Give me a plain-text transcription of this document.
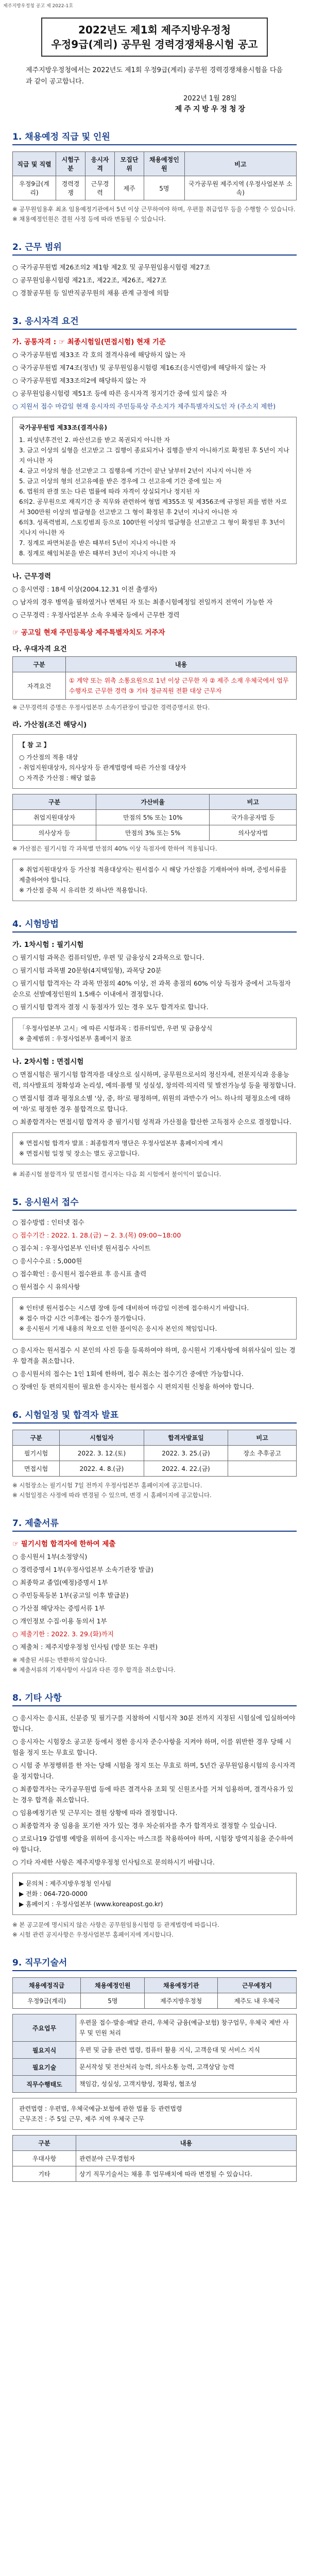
제주지방우정청 공고 제 2022-1호
2022년도 제1회 제주지방우정청
우정9급(계리) 공무원 경력경쟁채용시험 공고
제주지방우정청에서는 2022년도 제1회 우정9급(계리) 공무원 경력경쟁채용시험을 다음과 같이 공고합니다.
2022년 1월 28일
제주지방우정청장
1. 채용예정 직급 및 인원
직급 및 직렬	시험구분	응시자격	모집단위	채용예정인원	비고
우정9급(계리)	경력경쟁	근무경력	제주	5명	국가공무원 제주지역 (우정사업본부 소속)
※ 공무원임용후 최초 임용예정기관에서 5년 이상 근무하여야 하며, 우편물 취급업무 등을 수행할 수 있습니다.
※ 채용예정인원은 결원 사정 등에 따라 변동될 수 있습니다.
2. 근무 범위
○ 국가공무원법 제26조의2 제1항 제2호 및 공무원임용시험령 제27조
○ 공무원임용시험령 제21조, 제22조, 제26조, 제27조
○ 경찰공무원 등 일반직공무원의 채용 관계 규정에 의함
3. 응시자격 요건
가. 공통자격 : ☞ 최종시험일(면접시험) 현재 기준
○ 국가공무원법 제33조 각 호의 결격사유에 해당하지 않는 자
○ 국가공무원법 제74조(정년) 및 공무원임용시험령 제16조(응시연령)에 해당하지 않는 자
○ 국가공무원법 제33조의2에 해당하지 않는 자
○ 공무원임용시험령 제51조 등에 따른 응시자격 정지기간 중에 있지 않은 자
○ 지원서 접수 마감일 현재 응시자의 주민등록상 주소지가 제주특별자치도인 자 (주소지 제한)
국가공무원법 제33조(결격사유)
1. 피성년후견인 2. 파산선고를 받고 복권되지 아니한 자
3. 금고 이상의 실형을 선고받고 그 집행이 종료되거나 집행을 받지 아니하기로 확정된 후 5년이 지나지 아니한 자
4. 금고 이상의 형을 선고받고 그 집행유예 기간이 끝난 날부터 2년이 지나지 아니한 자
5. 금고 이상의 형의 선고유예를 받은 경우에 그 선고유예 기간 중에 있는 자
6. 법원의 판결 또는 다른 법률에 따라 자격이 상실되거나 정지된 자
6의2. 공무원으로 재직기간 중 직무와 관련하여 형법 제355조 및 제356조에 규정된 죄를 범한 자로서 300만원 이상의 벌금형을 선고받고 그 형이 확정된 후 2년이 지나지 아니한 자
6의3. 성폭력범죄, 스토킹범죄 등으로 100만원 이상의 벌금형을 선고받고 그 형이 확정된 후 3년이 지나지 아니한 자
7. 징계로 파면처분을 받은 때부터 5년이 지나지 아니한 자
8. 징계로 해임처분을 받은 때부터 3년이 지나지 아니한 자
나. 근무경력
○ 응시연령 : 18세 이상(2004.12.31 이전 출생자)
○ 남자의 경우 병역을 필하였거나 면제된 자 또는 최종시험예정일 전일까지 전역이 가능한 자
○ 근무경력 : 우정사업본부 소속 우체국 등에서 근무한 경력
☞ 공고일 현재 주민등록상 제주특별자치도 거주자
다. 우대자격 요건
구분	내용
자격요건	① 계약 또는 위촉 소통요원으로 1년 이상 근무한 자 ② 제주 소재 우체국에서 업무수행자로 근무한 경력 ③ 기타 정규직원 전환 대상 근무자
※ 근무경력의 증명은 우정사업본부 소속기관장이 발급한 경력증명서로 한다.
라. 가산점(조건 해당시)
【 참 고 】
○ 가산점의 적용 대상
- 취업지원대상자, 의사상자 등 관계법령에 따른 가산점 대상자
○ 자격증 가산점 : 해당 없음
구분	가산비율	비고
취업지원대상자	만점의 5% 또는 10%	국가유공자법 등
의사상자 등	만점의 3% 또는 5%	의사상자법
※ 가산점은 필기시험 각 과목별 만점의 40% 이상 득점자에 한하여 적용됩니다.
※ 취업지원대상자 등 가산점 적용대상자는 원서접수 시 해당 가산점을 기재하여야 하며, 증빙서류를 제출하여야 합니다.
※ 가산점 중복 시 유리한 것 하나만 적용합니다.
4. 시험방법
가. 1차시험 : 필기시험
○ 필기시험 과목은 컴퓨터일반, 우편 및 금융상식 2과목으로 합니다.
○ 필기시험 과목별 20문항(4지택일형), 과목당 20분
○ 필기시험 합격자는 각 과목 만점의 40% 이상, 전 과목 총점의 60% 이상 득점자 중에서 고득점자 순으로 선발예정인원의 1.5배수 이내에서 결정합니다.
○ 필기시험 합격자 결정 시 동점자가 있는 경우 모두 합격자로 합니다.
「우정사업본부 고시」에 따른 시험과목 : 컴퓨터일반, 우편 및 금융상식
※ 출제범위 : 우정사업본부 홈페이지 참조
나. 2차시험 : 면접시험
○ 면접시험은 필기시험 합격자를 대상으로 실시하며, 공무원으로서의 정신자세, 전문지식과 응용능력, 의사발표의 정확성과 논리성, 예의·품행 및 성실성, 창의력·의지력 및 발전가능성 등을 평정합니다.
○ 면접시험 결과 평정요소별 '상, 중, 하'로 평정하며, 위원의 과반수가 어느 하나의 평정요소에 대하여 '하'로 평정한 경우 불합격으로 합니다.
○ 최종합격자는 면접시험 합격자 중 필기시험 성적과 가산점을 합산한 고득점자 순으로 결정합니다.
※ 면접시험 합격자 발표 : 최종합격자 명단은 우정사업본부 홈페이지에 게시
※ 면접시험 일정 및 장소는 별도 공고합니다.
※ 최종시험 불합격자 및 면접시험 결시자는 다음 회 시험에서 불이익이 없습니다.
5. 응시원서 접수
○ 접수방법 : 인터넷 접수
○ 접수기간 : 2022. 1. 28.(금) ~ 2. 3.(목) 09:00~18:00
○ 접수처 : 우정사업본부 인터넷 원서접수 사이트
○ 응시수수료 : 5,000원
○ 접수확인 : 응시원서 접수완료 후 응시표 출력
○ 원서접수 시 유의사항
※ 인터넷 원서접수는 시스템 장애 등에 대비하여 마감일 이전에 접수하시기 바랍니다.
※ 접수 마감 시간 이후에는 접수가 불가합니다.
※ 응시원서 기재 내용의 착오로 인한 불이익은 응시자 본인의 책임입니다.
○ 응시자는 원서접수 시 본인의 사진 등을 등록하여야 하며, 응시원서 기재사항에 허위사실이 있는 경우 합격을 취소합니다.
○ 응시원서의 접수는 1인 1회에 한하며, 접수 취소는 접수기간 중에만 가능합니다.
○ 장애인 등 편의지원이 필요한 응시자는 원서접수 시 편의지원 신청을 하여야 합니다.
6. 시험일정 및 합격자 발표
구분	시험일자	합격자발표일	비고
필기시험	2022. 3. 12.(토)	2022. 3. 25.(금)	장소 추후공고
면접시험	2022. 4. 8.(금)	2022. 4. 22.(금)	
※ 시험장소는 필기시험 7일 전까지 우정사업본부 홈페이지에 공고합니다.
※ 시험일정은 사정에 따라 변경될 수 있으며, 변경 시 홈페이지에 공고합니다.
7. 제출서류
☞ 필기시험 합격자에 한하여 제출
○ 응시원서 1부(소정양식)
○ 경력증명서 1부(우정사업본부 소속기관장 발급)
○ 최종학교 졸업(예정)증명서 1부
○ 주민등록등본 1부(공고일 이후 발급분)
○ 가산점 해당자는 증빙서류 1부
○ 개인정보 수집·이용 동의서 1부
○ 제출기한 : 2022. 3. 29.(화)까지
○ 제출처 : 제주지방우정청 인사팀 (방문 또는 우편)
※ 제출된 서류는 반환하지 않습니다.
※ 제출서류의 기재사항이 사실과 다른 경우 합격을 취소합니다.
8. 기타 사항
○ 응시자는 응시표, 신분증 및 필기구를 지참하여 시험시작 30분 전까지 지정된 시험실에 입실하여야 합니다.
○ 응시자는 시험장소 공고문 등에서 정한 응시자 준수사항을 지켜야 하며, 이를 위반한 경우 당해 시험을 정지 또는 무효로 합니다.
○ 시험 중 부정행위를 한 자는 당해 시험을 정지 또는 무효로 하며, 5년간 공무원임용시험의 응시자격을 정지합니다.
○ 최종합격자는 국가공무원법 등에 따른 결격사유 조회 및 신원조사를 거쳐 임용하며, 결격사유가 있는 경우 합격을 취소합니다.
○ 임용예정기관 및 근무지는 결원 상황에 따라 결정합니다.
○ 최종합격자 중 임용을 포기한 자가 있는 경우 차순위자를 추가 합격자로 결정할 수 있습니다.
○ 코로나19 감염병 예방을 위하여 응시자는 마스크를 착용하여야 하며, 시험장 방역지침을 준수하여야 합니다.
○ 기타 자세한 사항은 제주지방우정청 인사팀으로 문의하시기 바랍니다.
▶ 문의처 : 제주지방우정청 인사팀
▶ 전화 : 064-720-0000
▶ 홈페이지 : 우정사업본부 (www.koreapost.go.kr)
※ 본 공고문에 명시되지 않은 사항은 공무원임용시험령 등 관계법령에 따릅니다.
※ 시험 관련 공지사항은 우정사업본부 홈페이지에 게시합니다.
9. 직무기술서
채용예정직급	채용예정인원	채용예정기관	근무예정지
우정9급(계리)	5명	제주지방우정청	제주도 내 우체국
주요업무	우편물 접수·발송·배달 관리, 우체국 금융(예금·보험) 창구업무, 우체국 제반 사무 및 민원 처리
필요지식	우편 및 금융 관련 법령, 컴퓨터 활용 지식, 고객응대 및 서비스 지식
필요기술	문서작성 및 전산처리 능력, 의사소통 능력, 고객상담 능력
직무수행태도	책임감, 성실성, 고객지향성, 정확성, 협조성
관련법령 : 우편법, 우체국예금·보험에 관한 법률 등 관련법령
근무조건 : 주 5일 근무, 제주 지역 우체국 근무
구분	내용
우대사항	관련분야 근무경험자
기타	상기 직무기술서는 채용 후 업무배치에 따라 변경될 수 있습니다.
